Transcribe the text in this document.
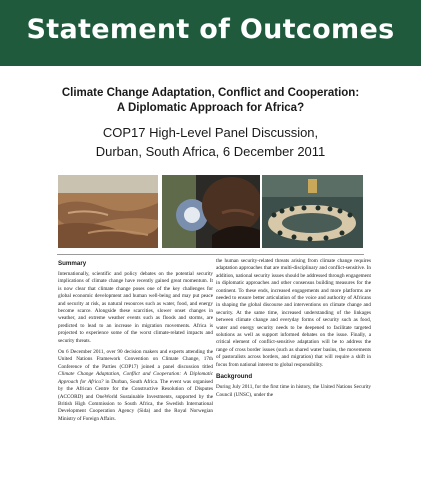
Statement of Outcomes
Climate Change Adaptation, Conflict and Cooperation:
A Diplomatic Approach for Africa?
COP17 High-Level Panel Discussion,
Durban, South Africa, 6 December 2011
Summary

Internationally, scientific and policy debates on the potential security implications of climate change have recently gained great momentum. It is now clear that climate change poses one of the key challenges for global economic development and human well-being and may put peace and security at risk, as natural resources such as water, food, and energy become scarce. Alongside these scarcities, slower onset changes in weather, and extreme weather events such as floods and storms, are predicted to lead to an increase in migration movements. Africa is projected to experience some of the worst climate-related impacts and security threats.

On 6 December 2011, over 90 decision makers and experts attending the United Nations Framework Convention on Climate Change, 17th Conference of the Parties (COP17) joined a panel discussion titled Climate Change Adaptation, Conflict and Cooperation: A Diplomatic Approach for Africa? in Durban, South Africa. The event was organised by the African Centre for the Constructive Resolution of Disputes (ACCORD) and OneWorld Sustainable Investments, supported by the British High Commission to South Africa, the Swedish International Development Cooperation Agency (Sida) and the Royal Norwegian Ministry of Foreign Affairs.

the human security-related threats arising from climate change requires adaptation approaches that are multi-disciplinary and conflict-sensitive. In addition, national security issues should be addressed through engagement in diplomatic approaches and other consensus building measures for the continent. To these ends, increased engagements and more platforms are needed to ensure better articulation of the voice and authority of Africans in shaping the global discourse and interventions on climate change and security. At the same time, increased understanding of the linkages between climate change and everyday forms of security such as food, water and energy security needs to be deepened to facilitate targeted solutions as well as support informed debates on the issue. Finally, a critical element of conflict-sensitive adaptation will be to address the range of cross border issues (such as shared water basins, the movements of pastoralists across borders, and migration) that will require a shift in focus from national interest to global responsibility.

Background

During July 2011, for the first time in history, the United Nations Security Council (UNSC), under the
